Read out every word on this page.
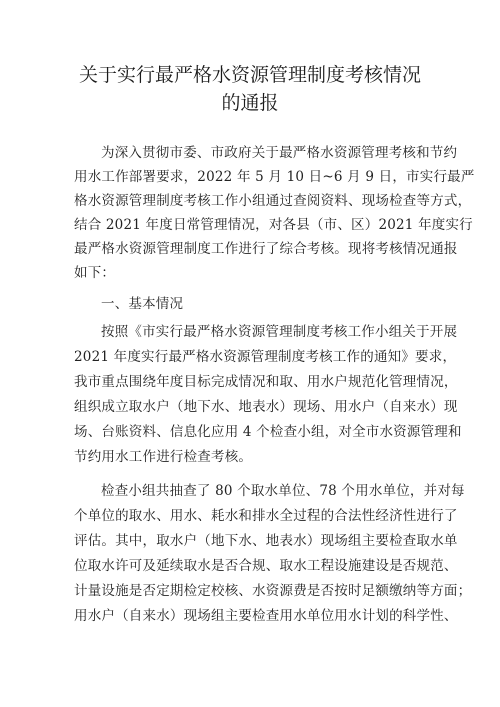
关于实行最严格水资源管理制度考核情况
的通报
为深入贯彻市委、市政府关于最严格水资源管理考核和节约
用水工作部署要求，2022 年 5 月 10 日~6 月 9 日，市实行最严
格水资源管理制度考核工作小组通过查阅资料、现场检查等方式，
结合 2021 年度日常管理情况，对各县（市、区）2021 年度实行
最严格水资源管理制度工作进行了综合考核。现将考核情况通报
如下：
一、基本情况
按照《市实行最严格水资源管理制度考核工作小组关于开展
2021 年度实行最严格水资源管理制度考核工作的通知》要求，
我市重点围绕年度目标完成情况和取、用水户规范化管理情况，
组织成立取水户（地下水、地表水）现场、用水户（自来水）现
场、台账资料、信息化应用 4 个检查小组，对全市水资源管理和
节约用水工作进行检查考核。
检查小组共抽查了 80 个取水单位、78 个用水单位，并对每
个单位的取水、用水、耗水和排水全过程的合法性经济性进行了
评估。其中，取水户（地下水、地表水）现场组主要检查取水单
位取水许可及延续取水是否合规、取水工程设施建设是否规范、
计量设施是否定期检定校核、水资源费是否按时足额缴纳等方面；
用水户（自来水）现场组主要检查用水单位用水计划的科学性、
